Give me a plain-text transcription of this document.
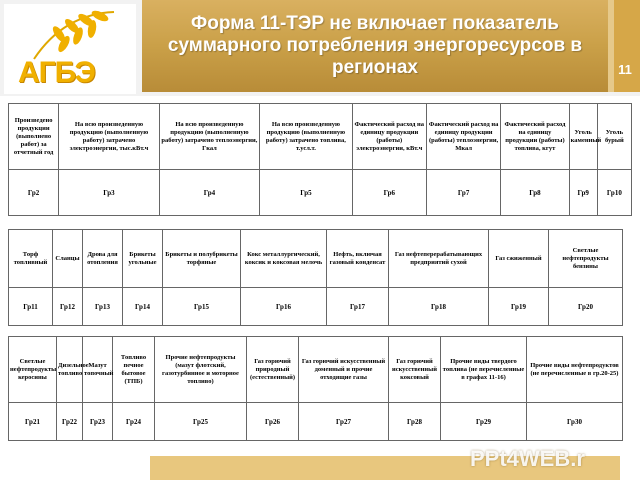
АГБЭ
Форма 11-ТЭР не включает показатель суммарного потребления энергоресурсов в регионах	11
Произведено продукции (выполнено работ) за отчетный год	На всю произведенную продукцию (выполненную работу) затрачено электроэнергии, тыс.кВт.ч	На всю произведенную продукцию (выполненную работу) затрачено теплоэнергии, Гкал	На всю произведенную продукцию (выполненную работу) затрачено топлива, т.усл.т.	Фактический расход на единицу продукции (работы) электроэнергии, кВт.ч	Фактический расход на единицу продукции (работы) теплоэнергии, Мкал	Фактический расход на единицу продукции (работы) топлива, кгут	Уголь каменный	Уголь бурый
Гр2	Гр3	Гр4	Гр5	Гр6	Гр7	Гр8	Гр9	Гр10
Торф топливный	Сланцы	Дрова для отопления	Брикеты угольные	Брикеты и полубрикеты торфяные	Кокс металлургический, коксик и коксовая мелочь	Нефть, включая газовый конденсат	Газ нефтеперерабатывающих предприятий сухой	Газ сжиженный	Светлые нефтепродукты бензины
Гр11	Гр12	Гр13	Гр14	Гр15	Гр16	Гр17	Гр18	Гр19	Гр20
Светлые нефтепродукты керосины	Дизельное топливо	Мазут топочный	Топливо печное бытовое (ТПБ)	Прочие нефтепродукты (мазут флотский, газотурбинное и моторное топливо)	Газ горючий природный (естественный)	Газ горючий искусственный доменный и прочие отходящие газы	Газ горючий искусственный коксовый	Прочие виды твердого топлива (не перечисленные в графах 11-16)	Прочие виды нефтепродуктов (не перечисленные в гр.20-25)
Гр21	Гр22	Гр23	Гр24	Гр25	Гр26	Гр27	Гр28	Гр29	Гр30
PPt4WEB.r
